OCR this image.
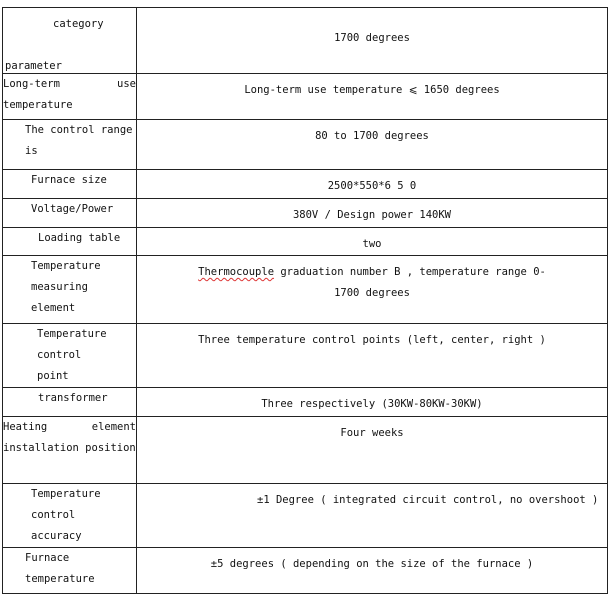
category
parameter	1700 degrees
Long-term use temperature	Long-term use temperature ⩽ 1650 degrees
The control range is	80 to 1700 degrees
Furnace size	2500*550*6 5 0
Voltage/Power	380V / Design power 140KW
Loading table	two
Temperature measuring element	Thermocouple graduation number B , temperature range 0-1700 degrees
Temperature control point	Three temperature control points (left, center, right )
transformer	Three respectively (30KW-80KW-30KW)
Heating element installation position	Four weeks
Temperature control accuracy	±1 Degree ( integrated circuit control, no overshoot )
Furnace temperature	±5 degrees ( depending on the size of the furnace )
